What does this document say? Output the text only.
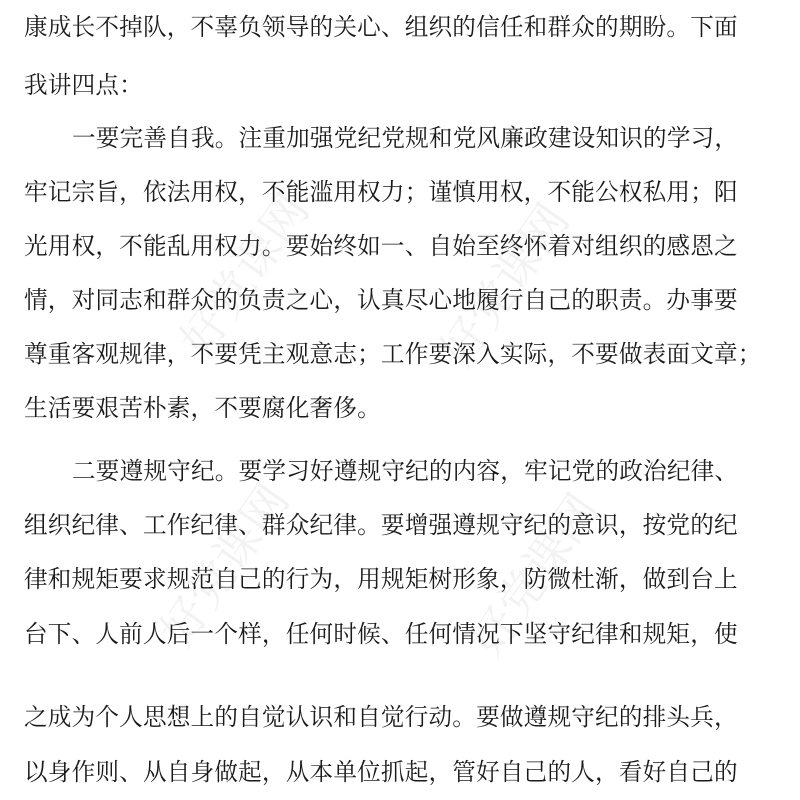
好党课网 好党课网
好党课网	好党课网
康成长不掉队，不辜负领导的关心、组织的信任和群众的期盼。下面
我讲四点：
一要完善自我。注重加强党纪党规和党风廉政建设知识的学习，
牢记宗旨，依法用权，不能滥用权力；谨慎用权，不能公权私用；阳
光用权，不能乱用权力。要始终如一、自始至终怀着对组织的感恩之
情，对同志和群众的负责之心，认真尽心地履行自己的职责。办事要
尊重客观规律，不要凭主观意志；工作要深入实际，不要做表面文章；
生活要艰苦朴素，不要腐化奢侈。
二要遵规守纪。要学习好遵规守纪的内容，牢记党的政治纪律、
组织纪律、工作纪律、群众纪律。要增强遵规守纪的意识，按党的纪
律和规矩要求规范自己的行为，用规矩树形象，防微杜渐，做到台上
台下、人前人后一个样，任何时候、任何情况下坚守纪律和规矩，使
之成为个人思想上的自觉认识和自觉行动。要做遵规守纪的排头兵，
以身作则、从自身做起，从本单位抓起，管好自己的人，看好自己的
